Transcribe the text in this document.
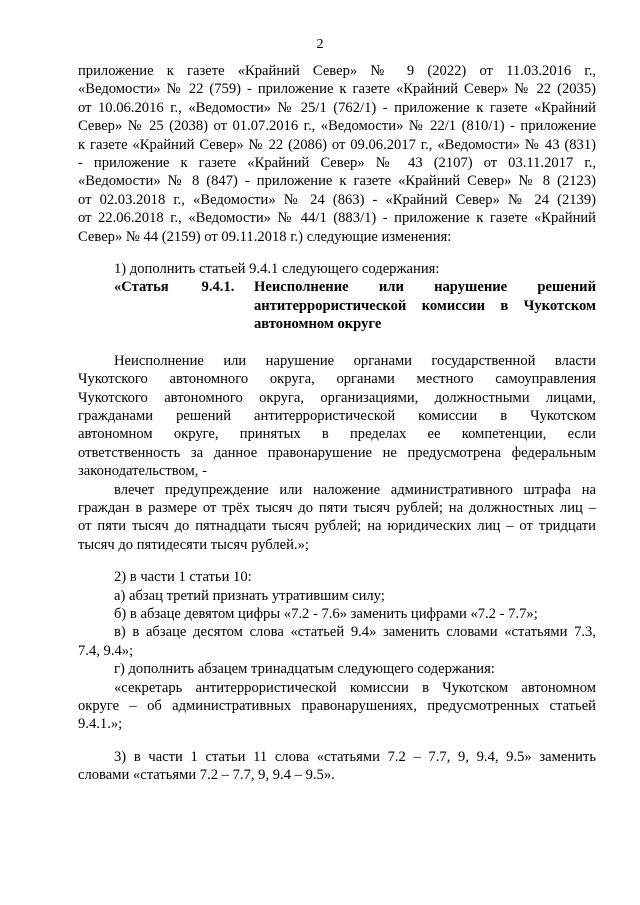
2

приложение к газете «Крайний Север» № 9 (2022) от 11.03.2016 г.,

«Ведомости» № 22 (759) - приложение к газете «Крайний Север» № 22 (2035)

от 10.06.2016 г., «Ведомости» № 25/1 (762/1) - приложение к газете «Крайний

Север» № 25 (2038) от 01.07.2016 г., «Ведомости» № 22/1 (810/1) - приложение

к газете «Крайний Север» № 22 (2086) от 09.06.2017 г., «Ведомости» № 43 (831)

- приложение к газете «Крайний Север» № 43 (2107) от 03.11.2017 г.,

«Ведомости» № 8 (847) - приложение к газете «Крайний Север» № 8 (2123)

от 02.03.2018 г., «Ведомости» № 24 (863) - «Крайний Север» № 24 (2139)

от 22.06.2018 г., «Ведомости» № 44/1 (883/1) - приложение к газете «Крайний

Север» № 44 (2159) от 09.11.2018 г.) следующие изменения:

1) дополнить статьей 9.4.1 следующего содержания:

«Статья 9.4.1.	Неисполнение или нарушение решений

антитеррористической комиссии в Чукотском

автономном округе

Неисполнение или нарушение органами государственной власти

Чукотского автономного округа, органами местного самоуправления

Чукотского автономного округа, организациями, должностными лицами,

гражданами решений антитеррористической комиссии в Чукотском

автономном округе, принятых в пределах ее компетенции, если

ответственность за данное правонарушение не предусмотрена федеральным

законодательством, -

влечет предупреждение или наложение административного штрафа на

граждан в размере от трёх тысяч до пяти тысяч рублей; на должностных лиц –

от пяти тысяч до пятнадцати тысяч рублей; на юридических лиц – от тридцати

тысяч до пятидесяти тысяч рублей.»;

2) в части 1 статьи 10:

а) абзац третий признать утратившим силу;

б) в абзаце девятом цифры «7.2 - 7.6» заменить цифрами «7.2 - 7.7»;

в) в абзаце десятом слова «статьей 9.4» заменить словами «статьями 7.3,

7.4, 9.4»;

г) дополнить абзацем тринадцатым следующего содержания:

«секретарь антитеррористической комиссии в Чукотском автономном

округе – об административных правонарушениях, предусмотренных статьей

9.4.1.»;

3) в части 1 статьи 11 слова «статьями 7.2 – 7.7, 9, 9.4, 9.5» заменить

словами «статьями 7.2 – 7.7, 9, 9.4 – 9.5».
